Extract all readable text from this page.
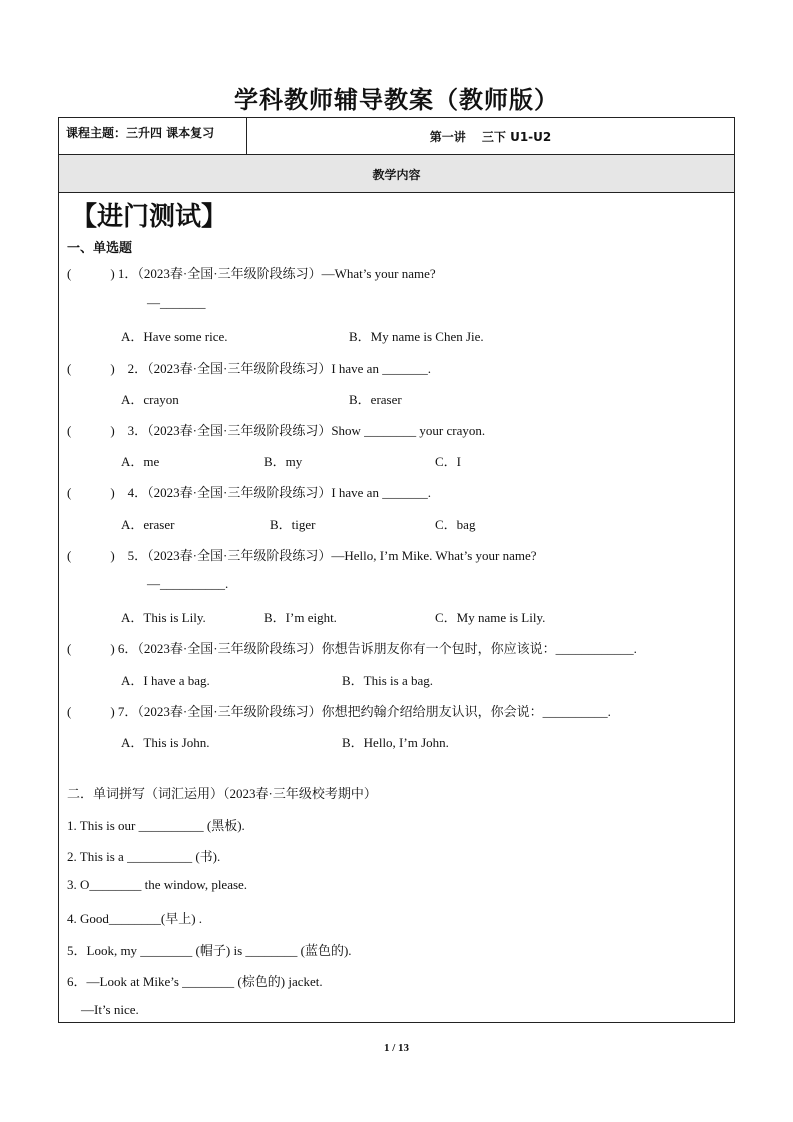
学科教师辅导教案（教师版）
课程主题：三升四 课本复习	第一讲　 三下 U1-U2
教学内容
【进门测试】
一、单选题
(　　　) 1．（2023春·全国·三年级阶段练习）—What’s your name?
—_______
A．Have some rice.	B．My name is Chen Jie.
(　　　)　2．（2023春·全国·三年级阶段练习）I have an _______.
A．crayon	B．eraser
(　　　)　3．（2023春·全国·三年级阶段练习）Show ________ your crayon.
A．me	B．my	C．I
(　　　)　4．（2023春·全国·三年级阶段练习）I have an _______.
A．eraser	B．tiger	C．bag
(　　　)　5．（2023春·全国·三年级阶段练习）—Hello, I’m Mike. What’s your name?
—__________.
A．This is Lily.	B．I’m eight.	C．My name is Lily.
(　　　) 6．（2023春·全国·三年级阶段练习）你想告诉朋友你有一个包时，你应该说：____________.
A．I have a bag.	B．This is a bag.
(　　　) 7．（2023春·全国·三年级阶段练习）你想把约翰介绍给朋友认识，你会说：__________.
A．This is John.	B．Hello, I’m John.
二．单词拼写（词汇运用）（2023春·三年级校考期中）
1. This is our __________ (黑板).
2. This is a __________ (书).
3. O________ the window, please.
4. Good________(早上) .
5．Look, my ________ (帽子) is ________ (蓝色的).
6．—Look at Mike’s ________ (棕色的) jacket.
—It’s nice.
1 / 13
